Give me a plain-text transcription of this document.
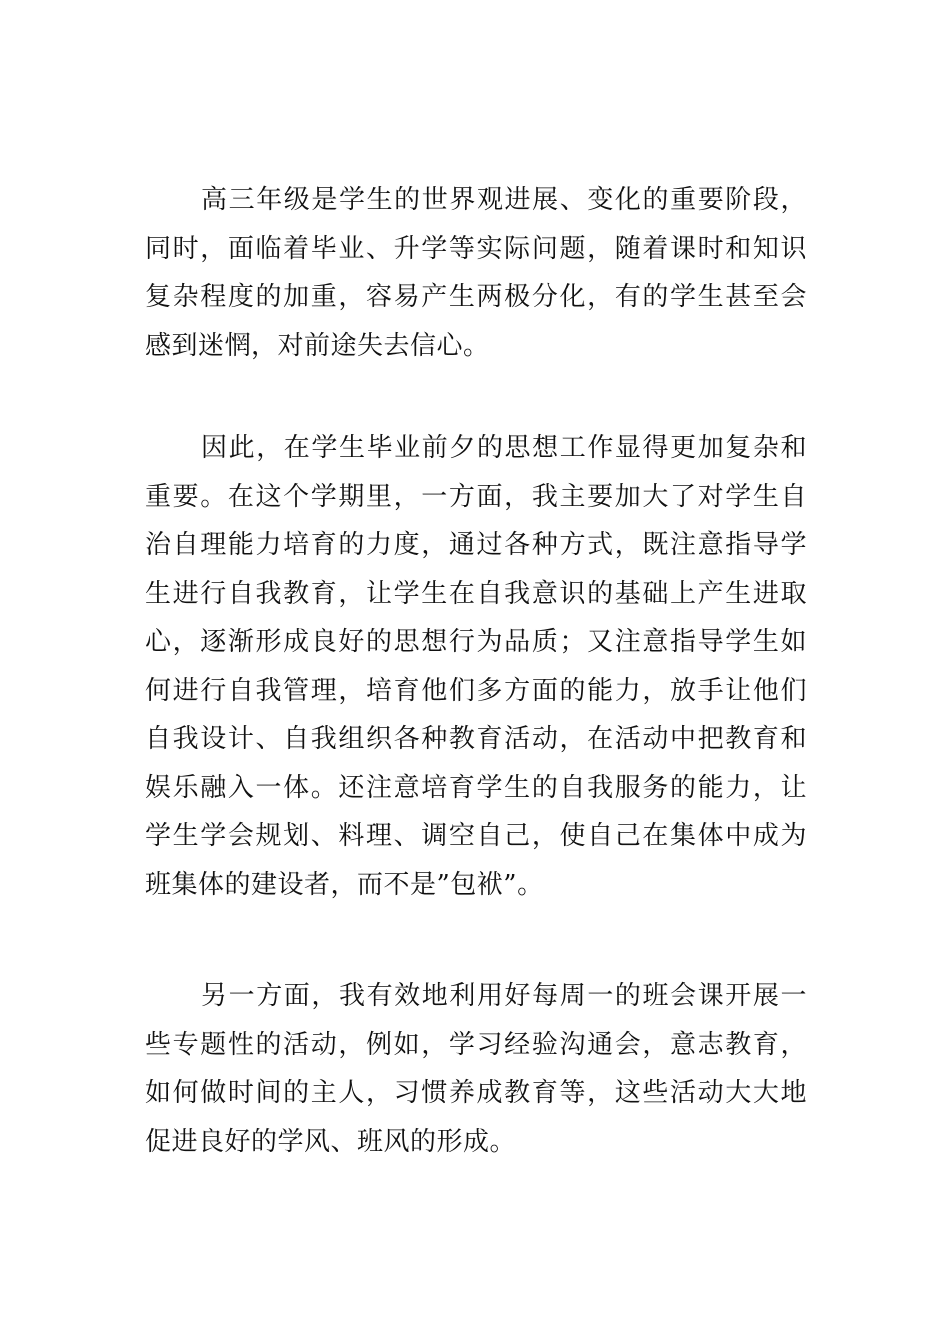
高三年级是学生的世界观进展、变化的重要阶段，同时，面临着毕业、升学等实际问题，随着课时和知识复杂程度的加重，容易产生两极分化，有的学生甚至会感到迷惘，对前途失去信心。

因此，在学生毕业前夕的思想工作显得更加复杂和重要。在这个学期里，一方面，我主要加大了对学生自治自理能力培育的力度，通过各种方式，既注意指导学生进行自我教育，让学生在自我意识的基础上产生进取心，逐渐形成良好的思想行为品质；又注意指导学生如何进行自我管理，培育他们多方面的能力，放手让他们自我设计、自我组织各种教育活动，在活动中把教育和娱乐融入一体。还注意培育学生的自我服务的能力，让学生学会规划、料理、调空自己，使自己在集体中成为班集体的建设者，而不是”包袱”。

另一方面，我有效地利用好每周一的班会课开展一些专题性的活动，例如，学习经验沟通会，意志教育，如何做时间的主人，习惯养成教育等，这些活动大大地促进良好的学风、班风的形成。
